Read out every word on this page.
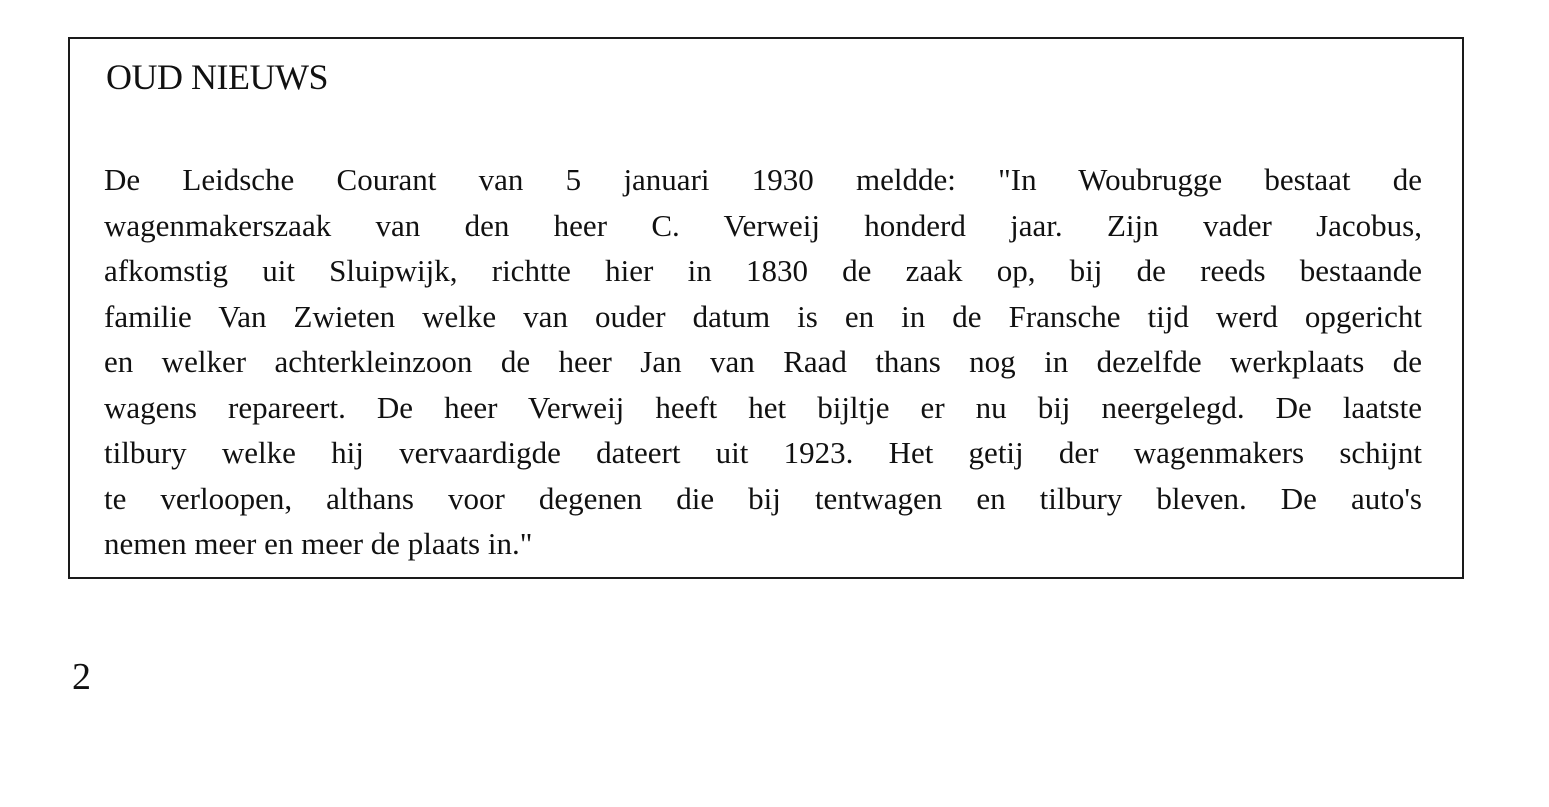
OUD NIEUWS
De Leidsche Courant van 5 januari 1930 meldde: "In Woubrugge bestaat de
wagenmakerszaak van den heer C. Verweij honderd jaar. Zijn vader Jacobus,
afkomstig uit Sluipwijk, richtte hier in 1830 de zaak op, bij de reeds bestaande
familie Van Zwieten welke van ouder datum is en in de Fransche tijd werd opgericht
en welker achterkleinzoon de heer Jan van Raad thans nog in dezelfde werkplaats de
wagens repareert. De heer Verweij heeft het bijltje er nu bij neergelegd. De laatste
tilbury welke hij vervaardigde dateert uit 1923. Het getij der wagenmakers schijnt
te verloopen, althans voor degenen die bij tentwagen en tilbury bleven. De auto's
nemen meer en meer de plaats in."
2
